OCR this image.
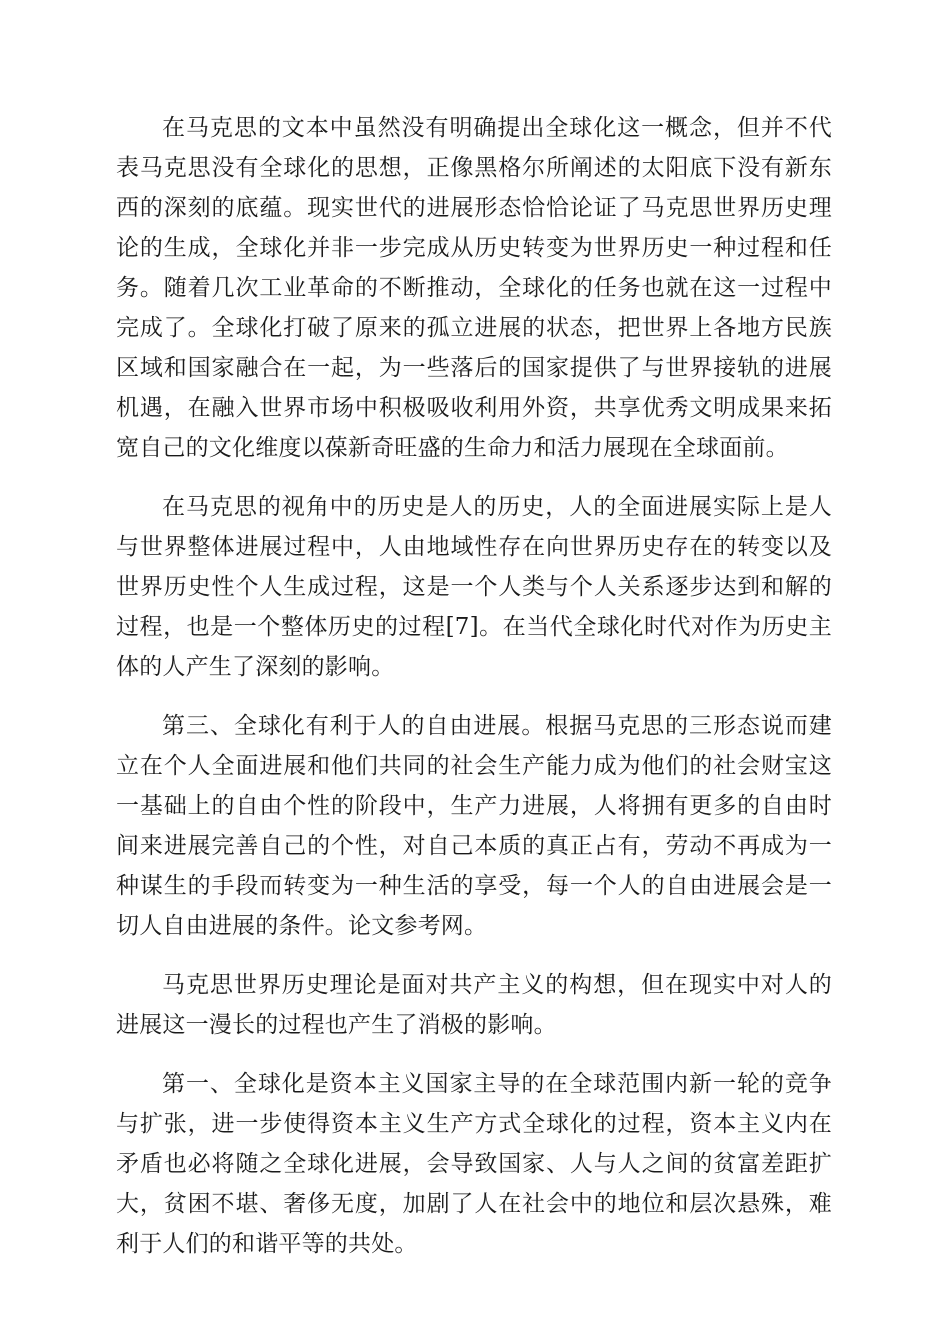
在马克思的文本中虽然没有明确提出全球化这一概念，但并不代表马克思没有全球化的思想，正像黑格尔所阐述的太阳底下没有新东西的深刻的底蕴。现实世代的进展形态恰恰论证了马克思世界历史理论的生成，全球化并非一步完成从历史转变为世界历史一种过程和任务。随着几次工业革命的不断推动，全球化的任务也就在这一过程中完成了。全球化打破了原来的孤立进展的状态，把世界上各地方民族区域和国家融合在一起，为一些落后的国家提供了与世界接轨的进展机遇，在融入世界市场中积极吸收利用外资，共享优秀文明成果来拓宽自己的文化维度以葆新奇旺盛的生命力和活力展现在全球面前。

在马克思的视角中的历史是人的历史，人的全面进展实际上是人与世界整体进展过程中，人由地域性存在向世界历史存在的转变以及世界历史性个人生成过程，这是一个人类与个人关系逐步达到和解的过程，也是一个整体历史的过程[7]。在当代全球化时代对作为历史主体的人产生了深刻的影响。

第三、全球化有利于人的自由进展。根据马克思的三形态说而建立在个人全面进展和他们共同的社会生产能力成为他们的社会财宝这一基础上的自由个性的阶段中，生产力进展，人将拥有更多的自由时间来进展完善自己的个性，对自己本质的真正占有，劳动不再成为一种谋生的手段而转变为一种生活的享受，每一个人的自由进展会是一切人自由进展的条件。论文参考网。

马克思世界历史理论是面对共产主义的构想，但在现实中对人的进展这一漫长的过程也产生了消极的影响。

第一、全球化是资本主义国家主导的在全球范围内新一轮的竞争与扩张，进一步使得资本主义生产方式全球化的过程，资本主义内在矛盾也必将随之全球化进展，会导致国家、人与人之间的贫富差距扩大，贫困不堪、奢侈无度，加剧了人在社会中的地位和层次悬殊，难利于人们的和谐平等的共处。
